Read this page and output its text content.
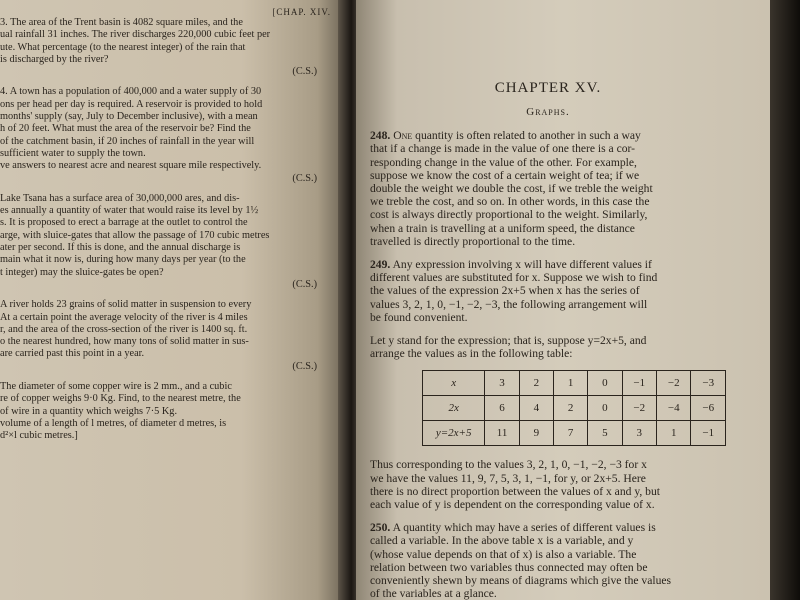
[CHAP. XIV.
3. The area of the Trent basin is 4082 square miles, and the
ual rainfall 31 inches. The river discharges 220,000 cubic feet per
ute. What percentage (to the nearest integer) of the rain that
is discharged by the river?
(C.S.)
4. A town has a population of 400,000 and a water supply of 30
ons per head per day is required. A reservoir is provided to hold
months' supply (say, July to December inclusive), with a mean
h of 20 feet. What must the area of the reservoir be? Find the
of the catchment basin, if 20 inches of rainfall in the year will
sufficient water to supply the town.
ve answers to nearest acre and nearest square mile respectively.
(C.S.)
Lake Tsana has a surface area of 30,000,000 ares, and dis-
es annually a quantity of water that would raise its level by 1½
s. It is proposed to erect a barrage at the outlet to control the
arge, with sluice-gates that allow the passage of 170 cubic metres
ater per second. If this is done, and the annual discharge is
main what it now is, during how many days per year (to the
t integer) may the sluice-gates be open?
(C.S.)
A river holds 23 grains of solid matter in suspension to every
At a certain point the average velocity of the river is 4 miles
r, and the area of the cross-section of the river is 1400 sq. ft.
o the nearest hundred, how many tons of solid matter in sus-
are carried past this point in a year.
(C.S.)
The diameter of some copper wire is 2 mm., and a cubic
re of copper weighs 9·0 Kg. Find, to the nearest metre, the
of wire in a quantity which weighs 7·5 Kg.
volume of a length of l metres, of diameter d metres, is
d²×l cubic metres.]
CHAPTER XV.
Graphs.
248. One quantity is often related to another in such a way
that if a change is made in the value of one there is a cor-
responding change in the value of the other. For example,
suppose we know the cost of a certain weight of tea; if we
double the weight we double the cost, if we treble the weight
we treble the cost, and so on. In other words, in this case the
cost is always directly proportional to the weight. Similarly,
when a train is travelling at a uniform speed, the distance
travelled is directly proportional to the time.
249. Any expression involving x will have different values if
different values are substituted for x. Suppose we wish to find
the values of the expression 2x+5 when x has the series of
values 3, 2, 1, 0, −1, −2, −3, the following arrangement will
be found convenient.
Let y stand for the expression; that is, suppose y=2x+5, and
arrange the values as in the following table:
x	3	2	1	0	−1	−2	−3
2x	6	4	2	0	−2	−4	−6
y=2x+5	11	9	7	5	3	1	−1
Thus corresponding to the values 3, 2, 1, 0, −1, −2, −3 for x
we have the values 11, 9, 7, 5, 3, 1, −1, for y, or 2x+5. Here
there is no direct proportion between the values of x and y, but
each value of y is dependent on the corresponding value of x.
250. A quantity which may have a series of different values is
called a variable. In the above table x is a variable, and y
(whose value depends on that of x) is also a variable. The
relation between two variables thus connected may often be
conveniently shewn by means of diagrams which give the values
of the variables at a glance.
